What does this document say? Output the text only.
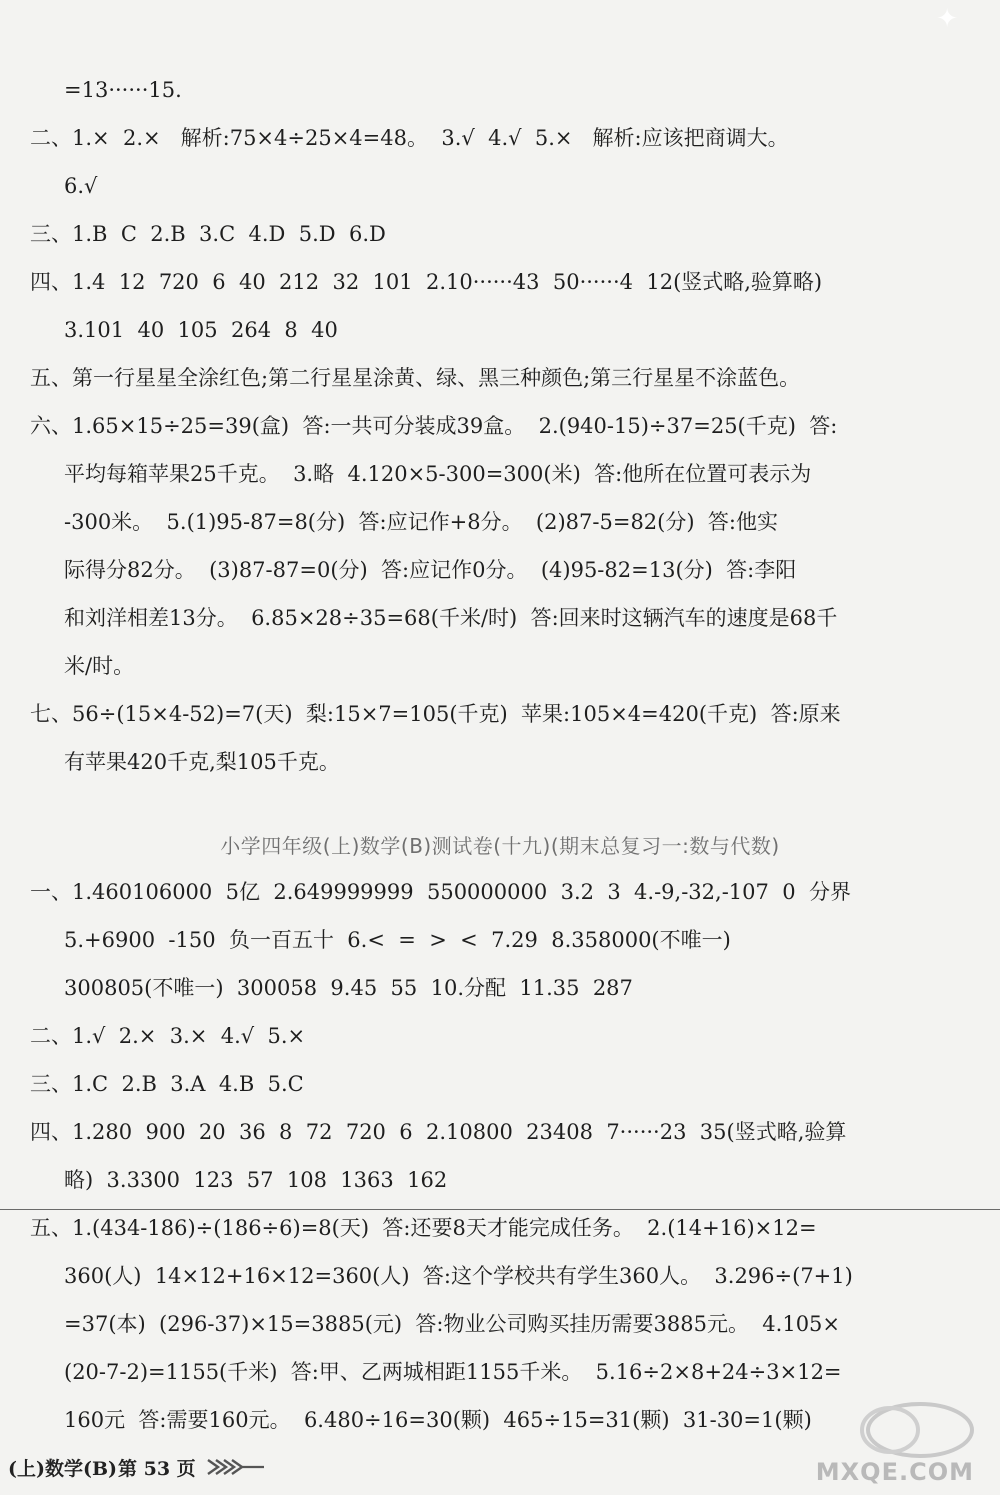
✦
=13······15.
二、1.×  2.×   解析:75×4÷25×4=48。  3.√  4.√  5.×   解析:应该把商调大。
6.√
三、1.B  C  2.B  3.C  4.D  5.D  6.D
四、1.4  12  720  6  40  212  32  101  2.10······43  50······4  12(竖式略,验算略)
3.101  40  105  264  8  40
五、第一行星星全涂红色;第二行星星涂黄、绿、黑三种颜色;第三行星星不涂蓝色。
六、1.65×15÷25=39(盒)  答:一共可分装成39盒。  2.(940-15)÷37=25(千克)  答:
平均每箱苹果25千克。  3.略  4.120×5-300=300(米)  答:他所在位置可表示为
-300米。  5.(1)95-87=8(分)  答:应记作+8分。  (2)87-5=82(分)  答:他实
际得分82分。  (3)87-87=0(分)  答:应记作0分。  (4)95-82=13(分)  答:李阳
和刘洋相差13分。  6.85×28÷35=68(千米/时)  答:回来时这辆汽车的速度是68千
米/时。
七、56÷(15×4-52)=7(天)  梨:15×7=105(千克)  苹果:105×4=420(千克)  答:原来
有苹果420千克,梨105千克。
一、1.460106000  5亿  2.649999999  550000000  3.2  3  4.-9,-32,-107  0  分界
5.+6900  -150  负一百五十  6.<  =  >  <  7.29  8.358000(不唯一)
300805(不唯一)  300058  9.45  55  10.分配  11.35  287
二、1.√  2.×  3.×  4.√  5.×
三、1.C  2.B  3.A  4.B  5.C
四、1.280  900  20  36  8  72  720  6  2.10800  23408  7······23  35(竖式略,验算
略)  3.3300  123  57  108  1363  162
五、1.(434-186)÷(186÷6)=8(天)  答:还要8天才能完成任务。  2.(14+16)×12=
360(人)  14×12+16×12=360(人)  答:这个学校共有学生360人。  3.296÷(7+1)
=37(本)  (296-37)×15=3885(元)  答:物业公司购买挂历需要3885元。  4.105×
(20-7-2)=1155(千米)  答:甲、乙两城相距1155千米。  5.16÷2×8+24÷3×12=
160元  答:需要160元。  6.480÷16=30(颗)  465÷15=31(颗)  31-30=1(颗)
小学四年级(上)数学(B)测试卷(十九)(期末总复习一:数与代数)
(上)数学(B) 第 53 页	MXQE.COM
